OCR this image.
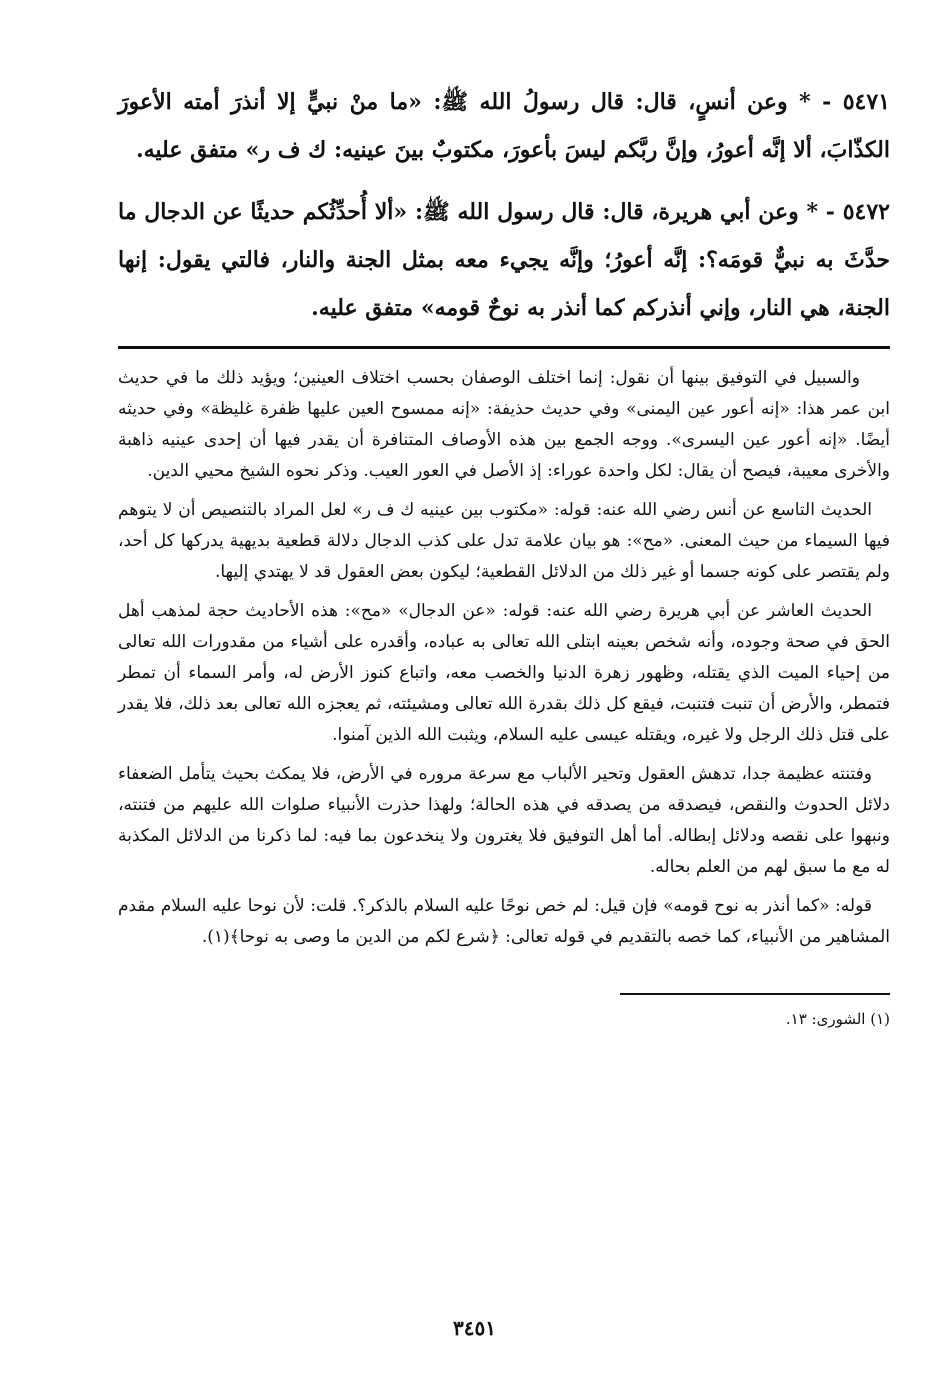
٥٤٧١ - * وعن أنسٍ، قال: قال رسولُ الله ﷺ: «ما منْ نبيٍّ إلا أنذرَ أمته الأعورَ الكذّابَ، ألا إنَّه أعورُ، وإنَّ ربَّكم ليسَ بأعورَ، مكتوبٌ بينَ عينيه: ك ف ر» متفق عليه.

٥٤٧٢ - * وعن أبي هريرة، قال: قال رسول الله ﷺ: «ألا أُحدِّثُكم حديثًا عن الدجال ما حدَّثَ به نبيٌّ قومَه؟: إنَّه أعورُ؛ وإنَّه يجيء معه بمثل الجنة والنار، فالتي يقول: إنها الجنة، هي النار، وإني أنذركم كما أنذر به نوحٌ قومه» متفق عليه.

والسبيل في التوفيق بينها أن نقول: إنما اختلف الوصفان بحسب اختلاف العينين؛ ويؤيد ذلك ما في حديث ابن عمر هذا: «إنه أعور عين اليمنى» وفي حديث حذيفة: «إنه ممسوح العين عليها ظفرة غليظة» وفي حديثه أيضًا. «إنه أعور عين اليسرى». ووجه الجمع بين هذه الأوصاف المتنافرة أن يقدر فيها أن إحدى عينيه ذاهبة والأخرى معيبة، فيصح أن يقال: لكل واحدة عوراء: إذ الأصل في العور العيب. وذكر نحوه الشيخ محيي الدين.

الحديث التاسع عن أنس رضي الله عنه: قوله: «مكتوب بين عينيه ك ف ر» لعل المراد بالتنصيص أن لا يتوهم فيها السيماء من حيث المعنى. «مح»: هو بيان علامة تدل على كذب الدجال دلالة قطعية بديهية يدركها كل أحد، ولم يقتصر على كونه جسما أو غير ذلك من الدلائل القطعية؛ ليكون بعض العقول قد لا يهتدي إليها.

الحديث العاشر عن أبي هريرة رضي الله عنه: قوله: «عن الدجال» «مح»: هذه الأحاديث حجة لمذهب أهل الحق في صحة وجوده، وأنه شخص بعينه ابتلى الله تعالى به عباده، وأقدره على أشياء من مقدورات الله تعالى من إحياء الميت الذي يقتله، وظهور زهرة الدنيا والخصب معه، واتباع كنوز الأرض له، وأمر السماء أن تمطر فتمطر، والأرض أن تنبت فتنبت، فيقع كل ذلك بقدرة الله تعالى ومشيئته، ثم يعجزه الله تعالى بعد ذلك، فلا يقدر على قتل ذلك الرجل ولا غيره، ويقتله عيسى عليه السلام، ويثبت الله الذين آمنوا.

وفتنته عظيمة جدا، تدهش العقول وتحير الألباب مع سرعة مروره في الأرض، فلا يمكث بحيث يتأمل الضعفاء دلائل الحدوث والنقص، فيصدقه من يصدقه في هذه الحالة؛ ولهذا حذرت الأنبياء صلوات الله عليهم من فتنته، ونبهوا على نقصه ودلائل إبطاله. أما أهل التوفيق فلا يغترون ولا ينخدعون بما فيه: لما ذكرنا من الدلائل المكذبة له مع ما سبق لهم من العلم بحاله.

قوله: «كما أنذر به نوح قومه» فإن قيل: لم خص نوحًا عليه السلام بالذكر؟. قلت: لأن نوحا عليه السلام مقدم المشاهير من الأنبياء، كما خصه بالتقديم في قوله تعالى: ﴿شرع لكم من الدين ما وصى به نوحا﴾(١).

(١) الشورى: ١٣.

٣٤٥١
